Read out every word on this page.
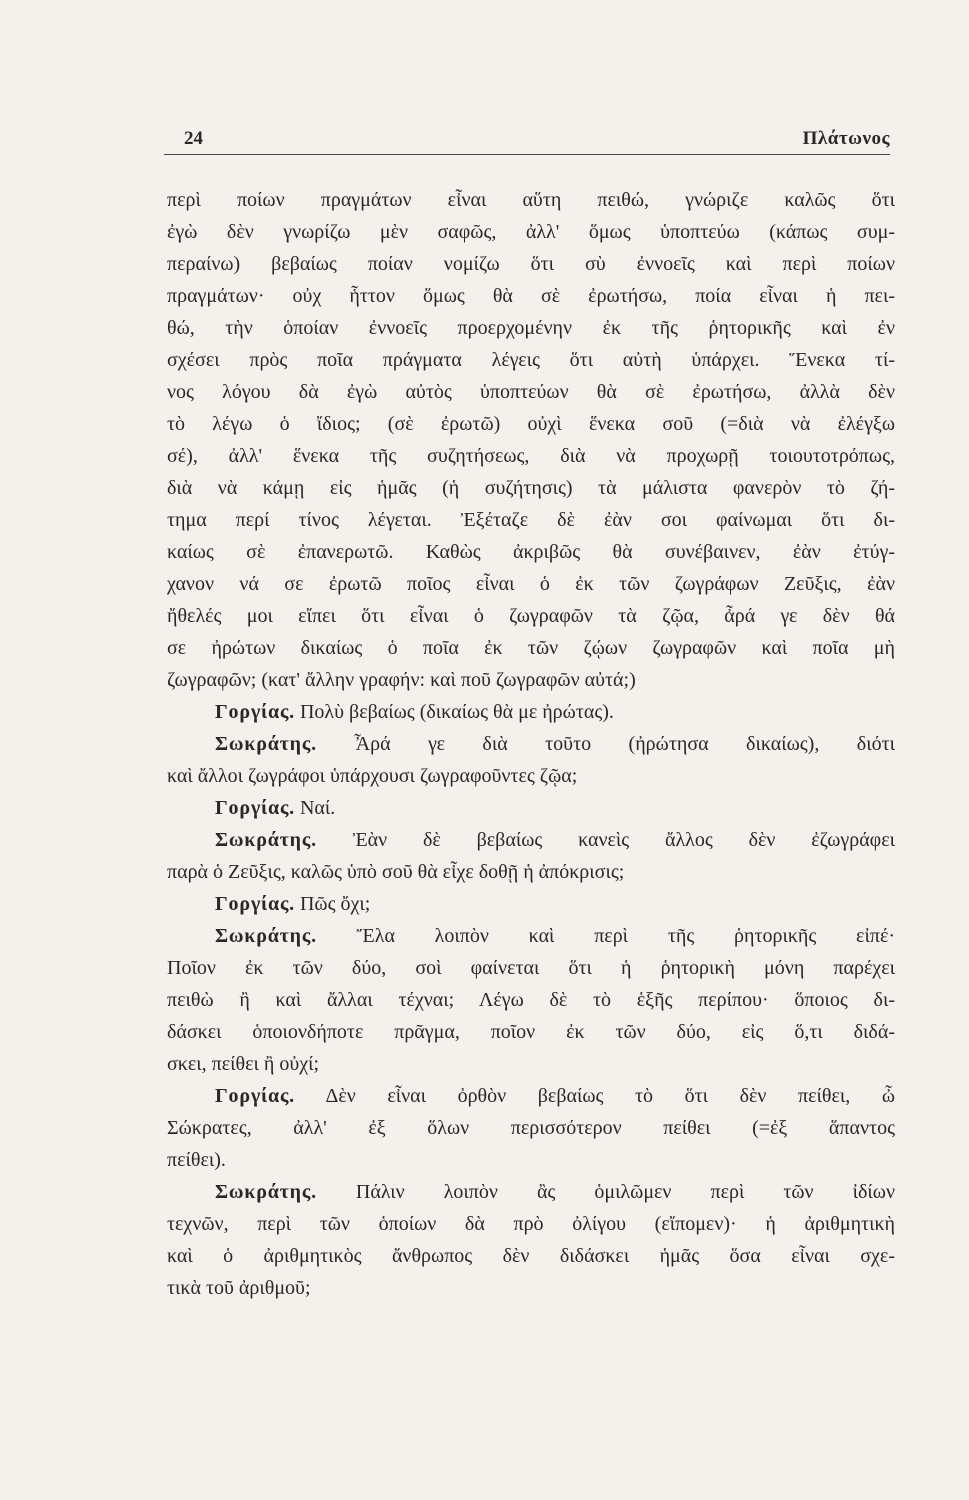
24	Πλάτωνος
περὶ ποίων πραγμάτων εἶναι αὕτη πειθώ, γνώριζε καλῶς ὅτι
ἐγὼ δὲν γνωρίζω μὲν σαφῶς, ἀλλ' ὅμως ὑποπτεύω (κάπως συμ-
περαίνω) βεβαίως ποίαν νομίζω ὅτι σὺ ἐννοεῖς καὶ περὶ ποίων
πραγμάτων· οὐχ ἧττον ὅμως θὰ σὲ ἐρωτήσω, ποία εἶναι ἡ πει-
θώ, τὴν ὁποίαν ἐννοεῖς προερχομένην ἐκ τῆς ῥητορικῆς καὶ ἐν
σχέσει πρὸς ποῖα πράγματα λέγεις ὅτι αὐτὴ ὑπάρχει. Ἕνεκα τί-
νος λόγου δὰ ἐγὼ αὐτὸς ὑποπτεύων θὰ σὲ ἐρωτήσω, ἀλλὰ δὲν
τὸ λέγω ὁ ἴδιος; (σὲ ἐρωτῶ) οὐχὶ ἕνεκα σοῦ (=διὰ νὰ ἐλέγξω
σέ), ἀλλ' ἕνεκα τῆς συζητήσεως, διὰ νὰ προχωρῇ τοιουτοτρόπως,
διὰ νὰ κάμῃ εἰς ἡμᾶς (ἡ συζήτησις) τὰ μάλιστα φανερὸν τὸ ζή-
τημα περί τίνος λέγεται. Ἐξέταζε δὲ ἐὰν σοι φαίνωμαι ὅτι δι-
καίως σὲ ἐπανερωτῶ. Καθὼς ἀκριβῶς θὰ συνέβαινεν, ἐὰν ἐτύγ-
χανον νά σε ἐρωτῶ ποῖος εἶναι ὁ ἐκ τῶν ζωγράφων Ζεῦξις, ἐὰν
ἤθελές μοι εἴπει ὅτι εἶναι ὁ ζωγραφῶν τὰ ζῷα, ἆρά γε δὲν θά
σε ἠρώτων δικαίως ὁ ποῖα ἐκ τῶν ζῴων ζωγραφῶν καὶ ποῖα μὴ
ζωγραφῶν; (κατ' ἄλλην γραφήν: καὶ ποῦ ζωγραφῶν αὐτά;)
Γοργίας. Πολὺ βεβαίως (δικαίως θὰ με ἠρώτας).
Σωκράτης. Ἆρά γε διὰ τοῦτο (ἠρώτησα δικαίως), διότι
καὶ ἄλλοι ζωγράφοι ὑπάρχουσι ζωγραφοῦντες ζῷα;
Γοργίας. Ναί.
Σωκράτης. Ἐὰν δὲ βεβαίως κανεὶς ἄλλος δὲν ἐζωγράφει
παρὰ ὁ Ζεῦξις, καλῶς ὑπὸ σοῦ θὰ εἶχε δοθῇ ἡ ἀπόκρισις;
Γοργίας. Πῶς ὄχι;
Σωκράτης. Ἔλα λοιπὸν καὶ περὶ τῆς ῥητορικῆς εἰπέ·
Ποῖον ἐκ τῶν δύο, σοὶ φαίνεται ὅτι ἡ ῥητορικὴ μόνη παρέχει
πειθὼ ἢ καὶ ἄλλαι τέχναι; Λέγω δὲ τὸ ἑξῆς περίπου· ὅποιος δι-
δάσκει ὁποιονδήποτε πρᾶγμα, ποῖον ἐκ τῶν δύο, εἰς ὅ,τι διδά-
σκει, πείθει ἢ οὐχί;
Γοργίας. Δὲν εἶναι ὀρθὸν βεβαίως τὸ ὅτι δὲν πείθει, ὦ
Σώκρατες, ἀλλ' ἐξ ὅλων περισσότερον πείθει (=ἐξ ἅπαντος
πείθει).
Σωκράτης. Πάλιν λοιπὸν ἂς ὁμιλῶμεν περὶ τῶν ἰδίων
τεχνῶν, περὶ τῶν ὁποίων δὰ πρὸ ὀλίγου (εἴπομεν)· ἡ ἀριθμητικὴ
καὶ ὁ ἀριθμητικὸς ἄνθρωπος δὲν διδάσκει ἡμᾶς ὅσα εἶναι σχε-
τικὰ τοῦ ἀριθμοῦ;
